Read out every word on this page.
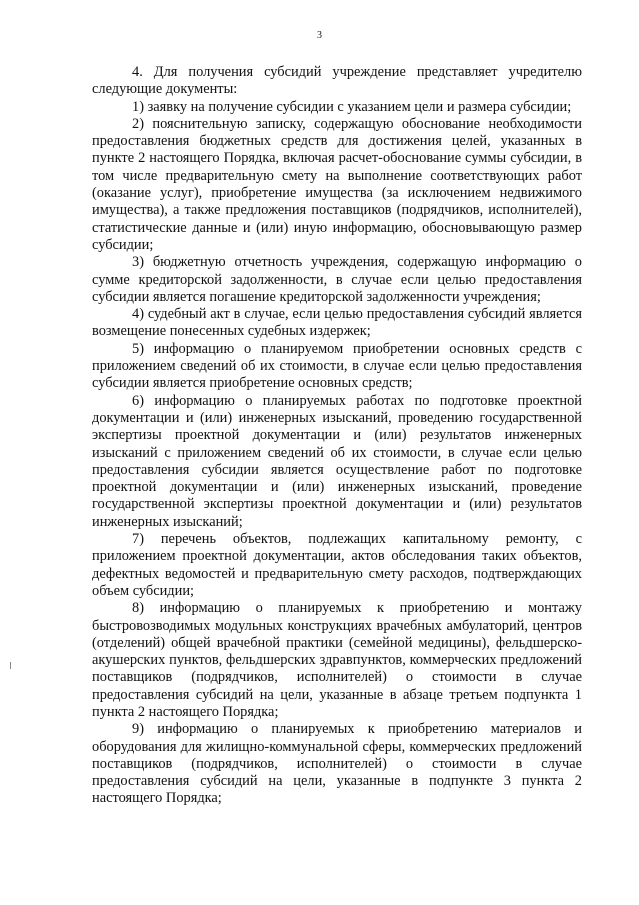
3

4. Для получения субсидий учреждение представляет учредителю следующие документы:

1) заявку на получение субсидии с указанием цели и размера субсидии;

2) пояснительную записку, содержащую обоснование необходимости предоставления бюджетных средств для достижения целей, указанных в пункте 2 настоящего Порядка, включая расчет-обоснование суммы субсидии, в том числе предварительную смету на выполнение соответствующих работ (оказание услуг), приобретение имущества (за исключением недвижимого имущества), а также предложения поставщиков (подрядчиков, исполнителей), статистические данные и (или) иную информацию, обосновывающую размер субсидии;

3) бюджетную отчетность учреждения, содержащую информацию о сумме кредиторской задолженности, в случае если целью предоставления субсидии является погашение кредиторской задолженности учреждения;

4) судебный акт в случае, если целью предоставления субсидий является возмещение понесенных судебных издержек;

5) информацию о планируемом приобретении основных средств с приложением сведений об их стоимости, в случае если целью предоставления субсидии является приобретение основных средств;

6) информацию о планируемых работах по подготовке проектной документации и (или) инженерных изысканий, проведению государственной экспертизы проектной документации и (или) результатов инженерных изысканий с приложением сведений об их стоимости, в случае если целью предоставления субсидии является осуществление работ по подготовке проектной документации и (или) инженерных изысканий, проведение государственной экспертизы проектной документации и (или) результатов инженерных изысканий;

7) перечень объектов, подлежащих капитальному ремонту, с приложением проектной документации, актов обследования таких объектов, дефектных ведомостей и предварительную смету расходов, подтверждающих объем субсидии;

8) информацию о планируемых к приобретению и монтажу быстровозводимых модульных конструкциях врачебных амбулаторий, центров (отделений) общей врачебной практики (семейной медицины), фельдшерско-акушерских пунктов, фельдшерских здравпунктов, коммерческих предложений поставщиков (подрядчиков, исполнителей) о стоимости в случае предоставления субсидий на цели, указанные в абзаце третьем подпункта 1 пункта 2 настоящего Порядка;

9) информацию о планируемых к приобретению материалов и оборудования для жилищно-коммунальной сферы, коммерческих предложений поставщиков (подрядчиков, исполнителей) о стоимости в случае предоставления субсидий на цели, указанные в подпункте 3 пункта 2 настоящего Порядка;
